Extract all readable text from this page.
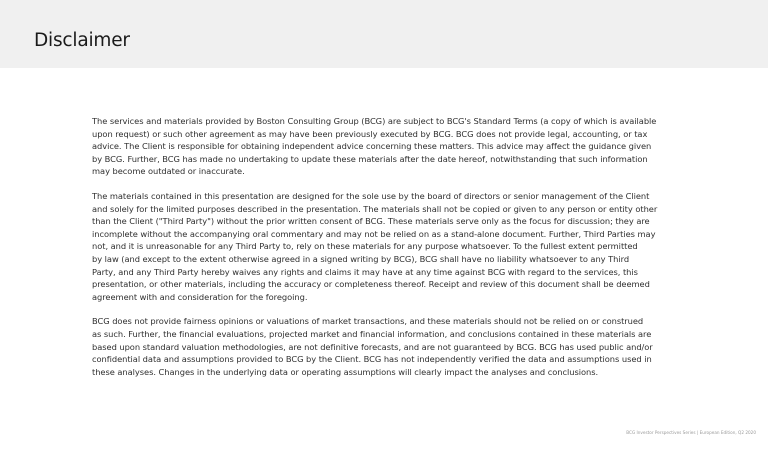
Disclaimer

The services and materials provided by Boston Consulting Group (BCG) are subject to BCG's Standard Terms (a copy of which is available
upon request) or such other agreement as may have been previously executed by BCG. BCG does not provide legal, accounting, or tax
advice. The Client is responsible for obtaining independent advice concerning these matters. This advice may affect the guidance given
by BCG. Further, BCG has made no undertaking to update these materials after the date hereof, notwithstanding that such information
may become outdated or inaccurate.

The materials contained in this presentation are designed for the sole use by the board of directors or senior management of the Client
and solely for the limited purposes described in the presentation. The materials shall not be copied or given to any person or entity other
than the Client ("Third Party") without the prior written consent of BCG. These materials serve only as the focus for discussion; they are
incomplete without the accompanying oral commentary and may not be relied on as a stand-alone document. Further, Third Parties may
not, and it is unreasonable for any Third Party to, rely on these materials for any purpose whatsoever. To the fullest extent permitted
by law (and except to the extent otherwise agreed in a signed writing by BCG), BCG shall have no liability whatsoever to any Third
Party, and any Third Party hereby waives any rights and claims it may have at any time against BCG with regard to the services, this
presentation, or other materials, including the accuracy or completeness thereof. Receipt and review of this document shall be deemed
agreement with and consideration for the foregoing.

BCG does not provide fairness opinions or valuations of market transactions, and these materials should not be relied on or construed
as such. Further, the financial evaluations, projected market and financial information, and conclusions contained in these materials are
based upon standard valuation methodologies, are not definitive forecasts, and are not guaranteed by BCG. BCG has used public and/or
confidential data and assumptions provided to BCG by the Client. BCG has not independently verified the data and assumptions used in
these analyses. Changes in the underlying data or operating assumptions will clearly impact the analyses and conclusions.

BCG Investor Perspectives Series | European Edition, Q2 2020
